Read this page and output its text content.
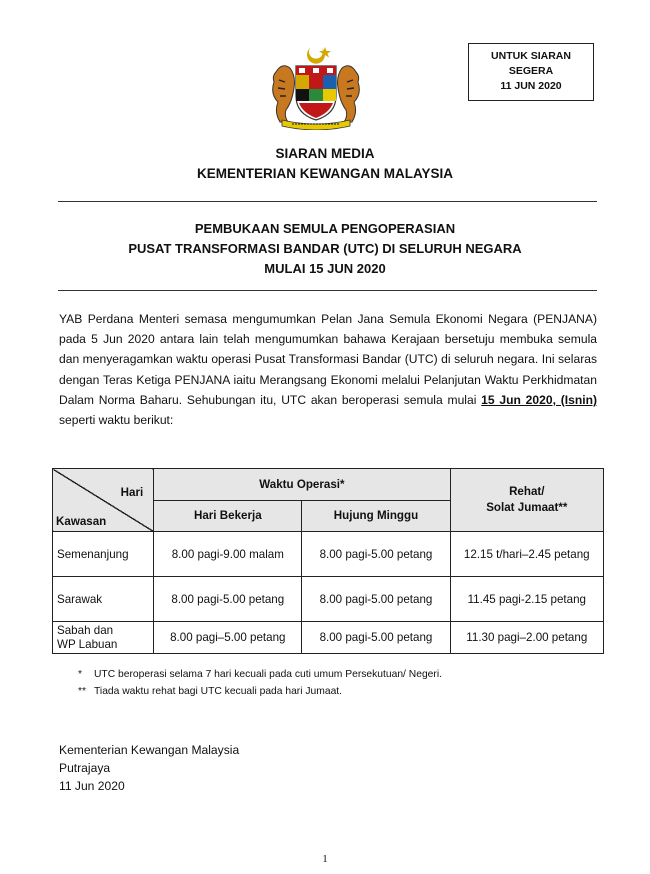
UNTUK SIARAN
SEGERA
11 JUN 2020
SIARAN MEDIA
KEMENTERIAN KEWANGAN MALAYSIA
PEMBUKAAN SEMULA PENGOPERASIAN
PUSAT TRANSFORMASI BANDAR (UTC) DI SELURUH NEGARA
MULAI 15 JUN 2020
YAB Perdana Menteri semasa mengumumkan Pelan Jana Semula Ekonomi Negara (PENJANA) pada 5 Jun 2020 antara lain telah mengumumkan bahawa Kerajaan bersetuju membuka semula dan menyeragamkan waktu operasi Pusat Transformasi Bandar (UTC) di seluruh negara. Ini selaras dengan Teras Ketiga PENJANA iaitu Merangsang Ekonomi melalui Pelanjutan Waktu Perkhidmatan Dalam Norma Baharu. Sehubungan itu, UTC akan beroperasi semula mulai 15 Jun 2020, (Isnin) seperti waktu berikut:
Hari
Kawasan	Waktu Operasi*		Rehat/
Solat Jumaat**
	Hari Bekerja	Hujung Minggu	
Semenanjung	8.00 pagi-9.00 malam	8.00 pagi-5.00 petang	12.15 t/hari–2.45 petang
Sarawak	8.00 pagi-5.00 petang	8.00 pagi-5.00 petang	11.45 pagi-2.15 petang
Sabah dan
WP Labuan	8.00 pagi–5.00 petang	8.00 pagi-5.00 petang	11.30 pagi–2.00 petang
* UTC beroperasi selama 7 hari kecuali pada cuti umum Persekutuan/ Negeri.
** Tiada waktu rehat bagi UTC kecuali pada hari Jumaat.
Kementerian Kewangan Malaysia
Putrajaya
11 Jun 2020
1
